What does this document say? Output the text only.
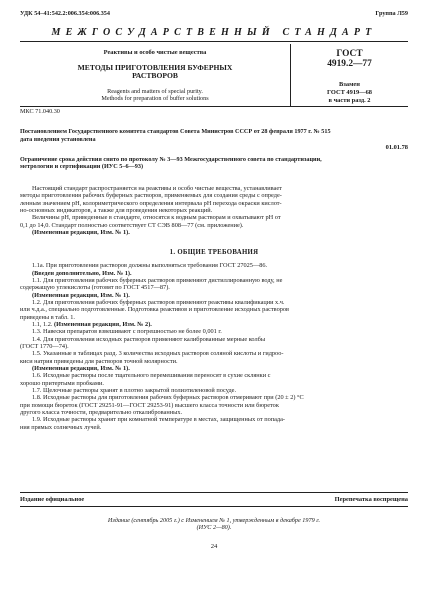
УДК 54–41:542.2:006.354:006.354	Группа Л59
МЕЖГОСУДАРСТВЕННЫЙ СТАНДАРТ
Реактивы и особо чистые вещества
МЕТОДЫ ПРИГОТОВЛЕНИЯ БУФЕРНЫХ
РАСТВОРОВ
Reagents and matters of special purity.
Methods for preparation of buffer solutions
ГОСТ
4919.2—77
Взамен
ГОСТ 4919—68
в части разд. 2
МКС 71.040.30
Постановлением Государственного комитета стандартов Совета Министров СССР от 28 февраля 1977 г. № 515
дата введения установлена
01.01.78
Ограничение срока действия снято по протоколу № 3—93 Межгосударственного совета по стандартизации,
метрологии и сертификации (ИУС 5–6—93)

Настоящий стандарт распространяется на реактивы и особо чистые вещества, устанавливает
методы приготовления рабочих буферных растворов, применяемых для создания среды с опреде-
ленным значением рН, колориметрического определения интервала рН перехода окраски кислот-
но-основных индикаторов, а также для проведения некоторых реакций.

Величины рН, приведенные в стандарте, относятся к водным растворам и охватывают рН от
0,1 до 14,0. Стандарт полностью соответствует СТ СЭВ 808—77 (см. приложение).

(Измененная редакция, Изм. № 1).

1. ОБЩИЕ ТРЕБОВАНИЯ

1.1а. При приготовлении растворов должны выполняться требования ГОСТ 27025—86.

(Введен дополнительно, Изм. № 1).

1.1. Для приготовления рабочих буферных растворов применяют дистиллированную воду, не
содержащую углекислоты (готовят по ГОСТ 4517—87).

(Измененная редакция, Изм. № 1).

1.2. Для приготовления рабочих буферных растворов применяют реактивы квалификации х.ч.
или ч.д.а., специально подготовленные. Подготовка реактивов и приготовление исходных растворов
приведены в табл. 1.

1.1, 1.2. (Измененная редакция, Изм. № 2).

1.3. Навески препаратов взвешивают с погрешностью не более 0,001 г.

1.4. Для приготовления исходных растворов применяют калиброванные мерные колбы
(ГОСТ 1770—74).

1.5. Указанные в таблицах разд. 3 количества исходных растворов соляной кислоты и гидроо-
киси натрия приведены для растворов точной молярности.

(Измененная редакция, Изм. № 1).

1.6. Исходные растворы после тщательного перемешивания переносят в сухие склянки с
хорошо притертыми пробками.

1.7. Щелочные растворы хранят в плотно закрытой полиэтиленовой посуде.

1.8. Исходные растворы для приготовления рабочих буферных растворов отмеривают при (20 ± 2) °С
при помощи бюреток (ГОСТ 29251-91—ГОСТ 29253-91) высшего класса точности или бюреток
другого класса точности, предварительно откалиброванных.

1.9. Исходные растворы хранят при комнатной температуре в местах, защищенных от попада-
ния прямых солнечных лучей.

Издание официальное	Перепечатка воспрещена
Издание (сентябрь 2005 г.) с Изменением № 1, утвержденным в декабре 1979 г.
(ИУС 2—80).
24
